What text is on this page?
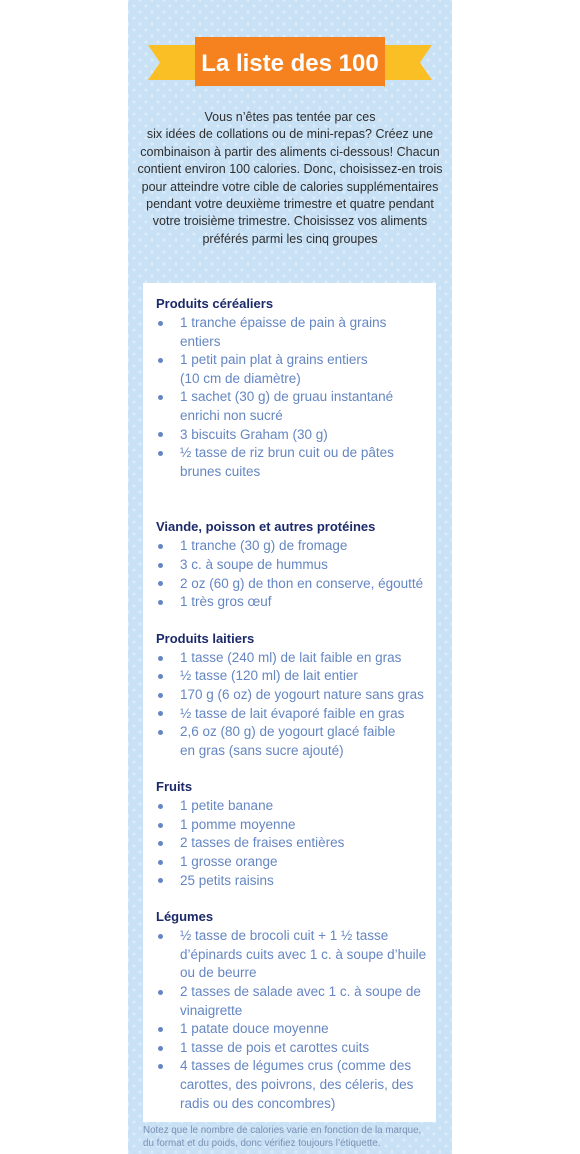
La liste des 100
Vous n’êtes pas tentée par ces
six idées de collations ou de mini-repas? Créez une
combinaison à partir des aliments ci-dessous! Chacun
contient environ 100 calories. Donc, choisissez-en trois
pour atteindre votre cible de calories supplémentaires
pendant votre deuxième trimestre et quatre pendant
votre troisième trimestre. Choisissez vos aliments
préférés parmi les cinq groupes
Produits céréaliers
1 tranche épaisse de pain à grains
entiers
1 petit pain plat à grains entiers
(10 cm de diamètre)
1 sachet (30 g) de gruau instantané
enrichi non sucré
3 biscuits Graham (30 g)
½ tasse de riz brun cuit ou de pâtes
brunes cuites
Viande, poisson et autres protéines
1 tranche (30 g) de fromage
3 c. à soupe de hummus
2 oz (60 g) de thon en conserve, égoutté
1 très gros œuf
Produits laitiers
1 tasse (240 ml) de lait faible en gras
½ tasse (120 ml) de lait entier
170 g (6 oz) de yogourt nature sans gras
½ tasse de lait évaporé faible en gras
2,6 oz (80 g) de yogourt glacé faible
en gras (sans sucre ajouté)
Fruits
1 petite banane
1 pomme moyenne
2 tasses de fraises entières
1 grosse orange
25 petits raisins
Légumes
½ tasse de brocoli cuit + 1 ½ tasse
d’épinards cuits avec 1 c. à soupe d’huile
ou de beurre
2 tasses de salade avec 1 c. à soupe de
vinaigrette
1 patate douce moyenne
1 tasse de pois et carottes cuits
4 tasses de légumes crus (comme des
carottes, des poivrons, des céleris, des
radis ou des concombres)
Notez que le nombre de calories varie en fonction de la marque,
du format et du poids, donc vérifiez toujours l’étiquette.
